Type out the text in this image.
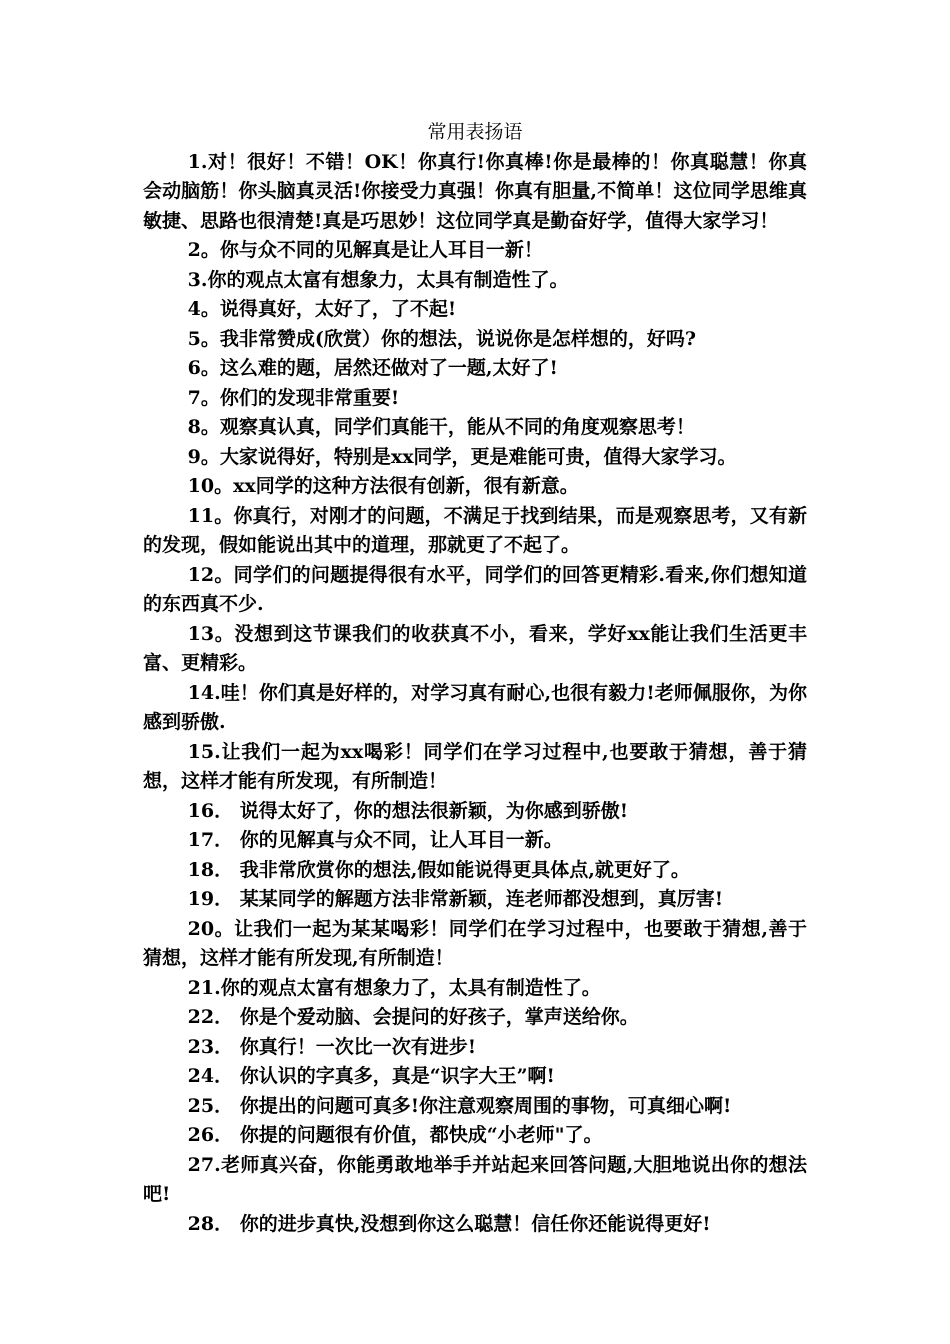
常用表扬语

1.对！很好！不错！OK！你真行!你真棒!你是最棒的！你真聪慧！你真会动脑筋！你头脑真灵活!你接受力真强！你真有胆量,不简单！这位同学思维真敏捷、思路也很清楚!真是巧思妙！这位同学真是勤奋好学，值得大家学习！

2。你与众不同的见解真是让人耳目一新！

3.你的观点太富有想象力，太具有制造性了。

4。说得真好，太好了，了不起!

5。我非常赞成(欣赏）你的想法，说说你是怎样想的，好吗?

6。这么难的题，居然还做对了一题,太好了!

7。你们的发现非常重要!

8。观察真认真，同学们真能干，能从不同的角度观察思考！

9。大家说得好，特别是xx同学，更是难能可贵，值得大家学习。

10。xx同学的这种方法很有创新，很有新意。

11。你真行，对刚才的问题，不满足于找到结果，而是观察思考，又有新的发现，假如能说出其中的道理，那就更了不起了。

12。同学们的问题提得很有水平，同学们的回答更精彩.看来,你们想知道的东西真不少.

13。没想到这节课我们的收获真不小，看来，学好xx能让我们生活更丰富、更精彩。

14.哇！你们真是好样的，对学习真有耐心,也很有毅力!老师佩服你，为你感到骄傲.

15.让我们一起为xx喝彩！同学们在学习过程中,也要敢于猜想，善于猜想，这样才能有所发现，有所制造！

16． 说得太好了，你的想法很新颖，为你感到骄傲!

17． 你的见解真与众不同，让人耳目一新。

18． 我非常欣赏你的想法,假如能说得更具体点,就更好了。

19． 某某同学的解题方法非常新颖，连老师都没想到，真厉害!

20。让我们一起为某某喝彩！同学们在学习过程中，也要敢于猜想,善于猜想，这样才能有所发现,有所制造！

21.你的观点太富有想象力了，太具有制造性了。

22． 你是个爱动脑、会提问的好孩子，掌声送给你。

23． 你真行！一次比一次有进步!

24． 你认识的字真多，真是“识字大王”啊!

25． 你提出的问题可真多!你注意观察周围的事物，可真细心啊!

26． 你提的问题很有价值，都快成“小老师"了。

27.老师真兴奋，你能勇敢地举手并站起来回答问题,大胆地说出你的想法吧!

28． 你的进步真快,没想到你这么聪慧！信任你还能说得更好!
